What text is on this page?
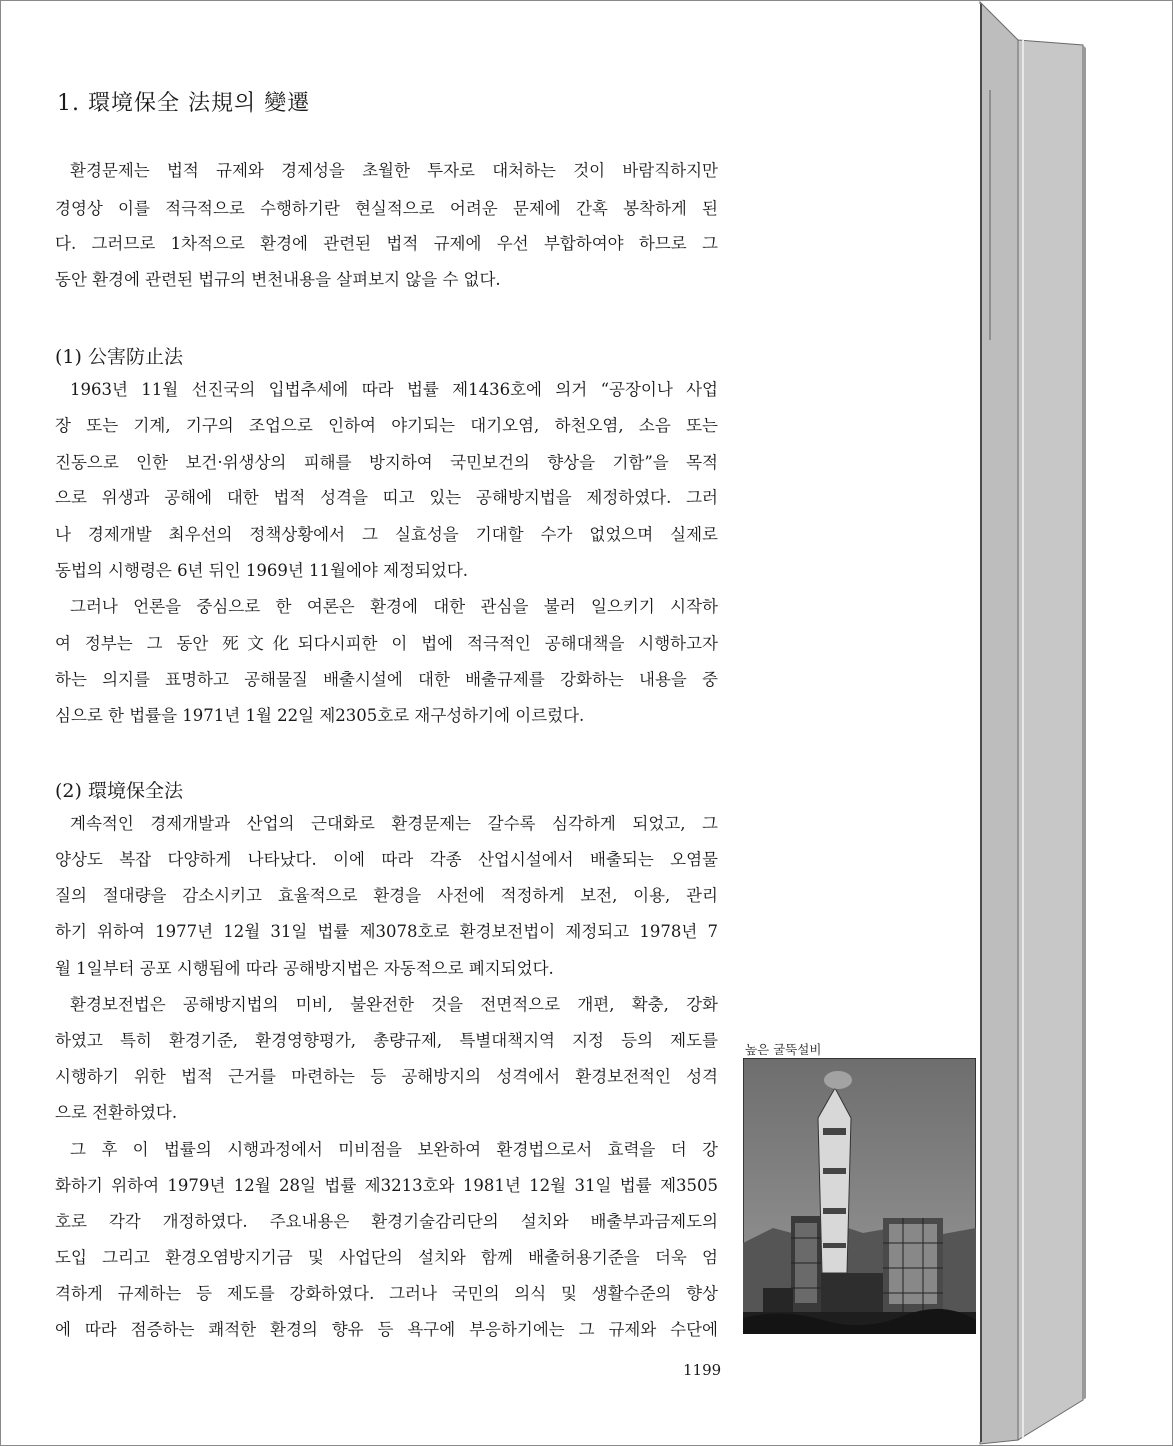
1. 環境保全 法規의 變遷
환경문제는 법적 규제와 경제성을 초월한 투자로 대처하는 것이 바람직하지만
경영상 이를 적극적으로 수행하기란 현실적으로 어려운 문제에 간혹 봉착하게 된
다. 그러므로 1차적으로 환경에 관련된 법적 규제에 우선 부합하여야 하므로 그
동안 환경에 관련된 법규의 변천내용을 살펴보지 않을 수 없다.
(1) 公害防止法
1963년 11월 선진국의 입법추세에 따라 법률 제1436호에 의거 “공장이나 사업
장 또는 기계, 기구의 조업으로 인하여 야기되는 대기오염, 하천오염, 소음 또는
진동으로 인한 보건·위생상의 피해를 방지하여 국민보건의 향상을 기함”을 목적
으로 위생과 공해에 대한 법적 성격을 띠고 있는 공해방지법을 제정하였다. 그러
나 경제개발 최우선의 정책상황에서 그 실효성을 기대할 수가 없었으며 실제로
동법의 시행령은 6년 뒤인 1969년 11월에야 제정되었다.
그러나 언론을 중심으로 한 여론은 환경에 대한 관심을 불러 일으키기 시작하
여 정부는 그 동안 死文化되다시피한 이 법에 적극적인 공해대책을 시행하고자
하는 의지를 표명하고 공해물질 배출시설에 대한 배출규제를 강화하는 내용을 중
심으로 한 법률을 1971년 1월 22일 제2305호로 재구성하기에 이르렀다.
(2) 環境保全法
계속적인 경제개발과 산업의 근대화로 환경문제는 갈수록 심각하게 되었고, 그
양상도 복잡 다양하게 나타났다. 이에 따라 각종 산업시설에서 배출되는 오염물
질의 절대량을 감소시키고 효율적으로 환경을 사전에 적정하게 보전, 이용, 관리
하기 위하여 1977년 12월 31일 법률 제3078호로 환경보전법이 제정되고 1978년 7
월 1일부터 공포 시행됨에 따라 공해방지법은 자동적으로 폐지되었다.
환경보전법은 공해방지법의 미비, 불완전한 것을 전면적으로 개편, 확충, 강화
하였고 특히 환경기준, 환경영향평가, 총량규제, 특별대책지역 지정 등의 제도를
시행하기 위한 법적 근거를 마련하는 등 공해방지의 성격에서 환경보전적인 성격
으로 전환하였다.
그 후 이 법률의 시행과정에서 미비점을 보완하여 환경법으로서 효력을 더 강
화하기 위하여 1979년 12월 28일 법률 제3213호와 1981년 12월 31일 법률 제3505
호로 각각 개정하였다. 주요내용은 환경기술감리단의 설치와 배출부과금제도의
도입 그리고 환경오염방지기금 및 사업단의 설치와 함께 배출허용기준을 더욱 엄
격하게 규제하는 등 제도를 강화하였다. 그러나 국민의 의식 및 생활수준의 향상
에 따라 점증하는 쾌적한 환경의 향유 등 욕구에 부응하기에는 그 규제와 수단에
높은 굴뚝설비
1199
